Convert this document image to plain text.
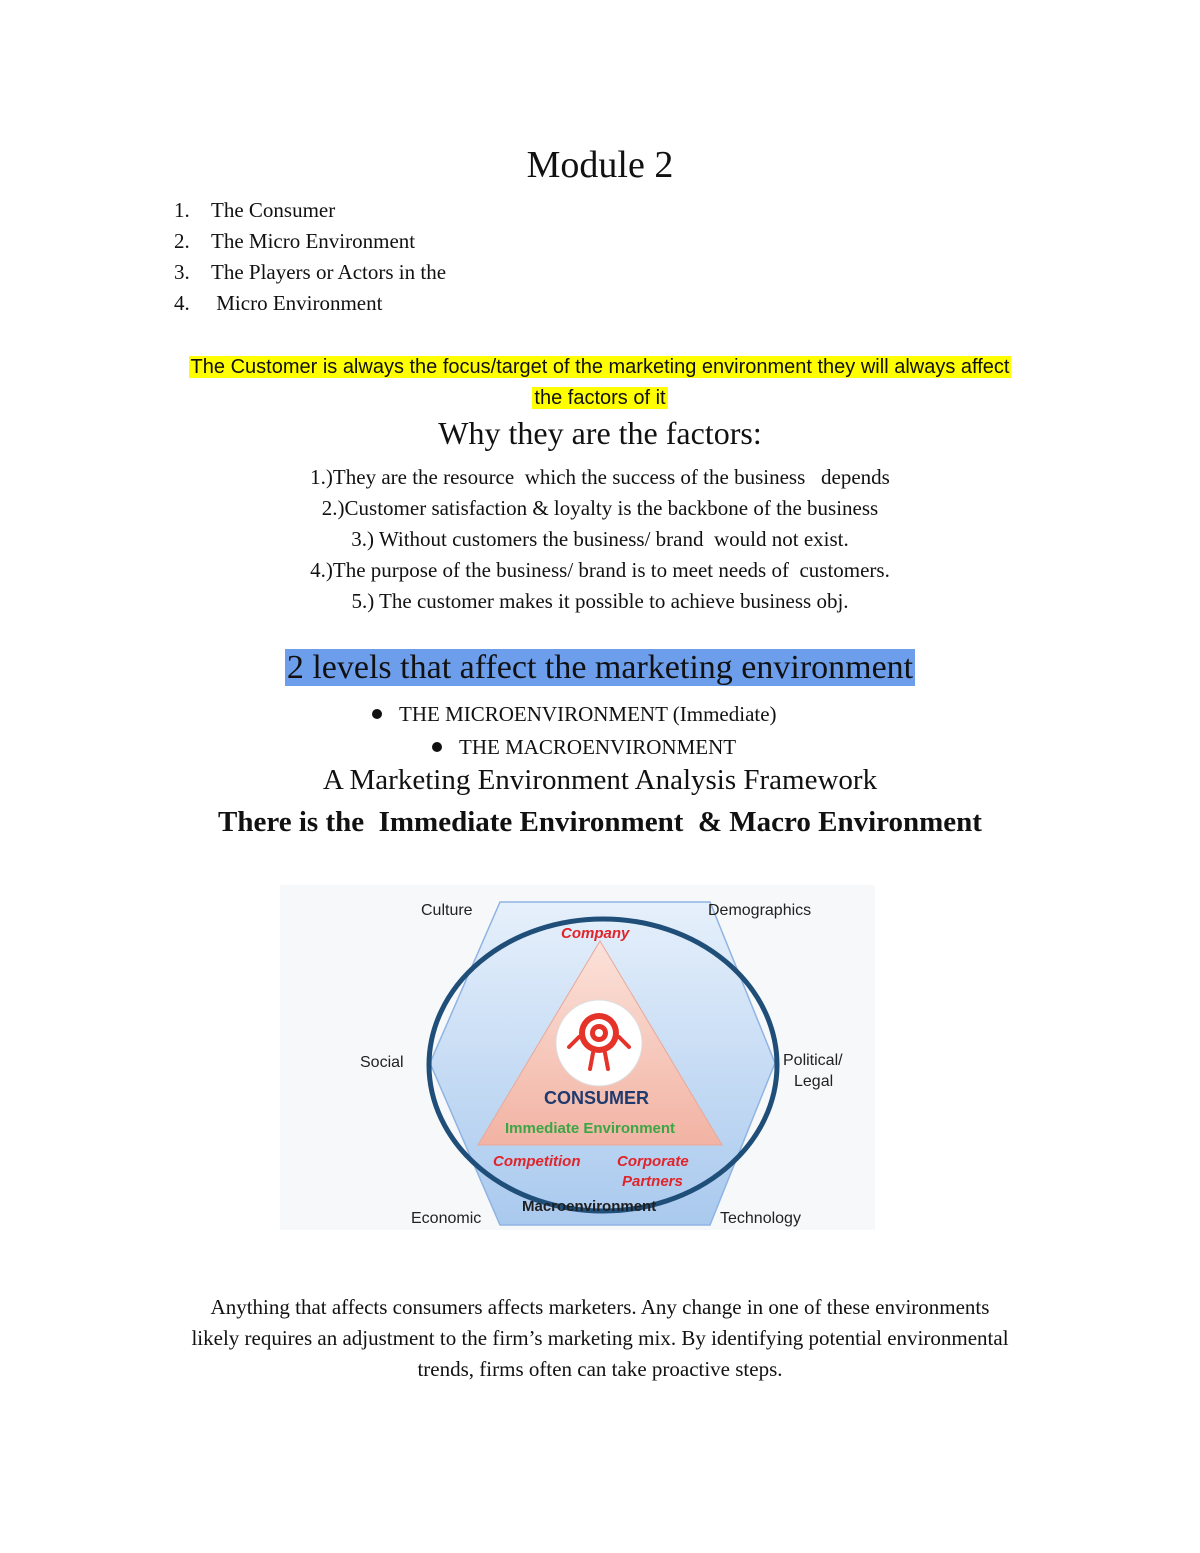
Module 2
1. The Consumer
2. The Micro Environment
3. The Players or Actors in the
4. Micro Environment
The Customer is always the focus/target of the marketing environment they will always affect
the factors of it
Why they are the factors:
1.)They are the resource  which the success of the business   depends
2.)Customer satisfaction & loyalty is the backbone of the business
3.) Without customers the business/ brand  would not exist.
4.)The purpose of the business/ brand is to meet needs of  customers.
5.) The customer makes it possible to achieve business obj.
2 levels that affect the marketing environment
THE MICROENVIRONMENT (Immediate)
THE MACROENVIRONMENT
A Marketing Environment Analysis Framework
There is the  Immediate Environment  & Macro Environment
Culture	Demographics
Social	Political/
Legal
Economic	Technology
Company
Competition Corporate
Partners
CONSUMER
Immediate Environment
Macroenvironment
Anything that affects consumers affects marketers. Any change in one of these environments
likely requires an adjustment to the firm’s marketing mix. By identifying potential environmental
trends, firms often can take proactive steps.
